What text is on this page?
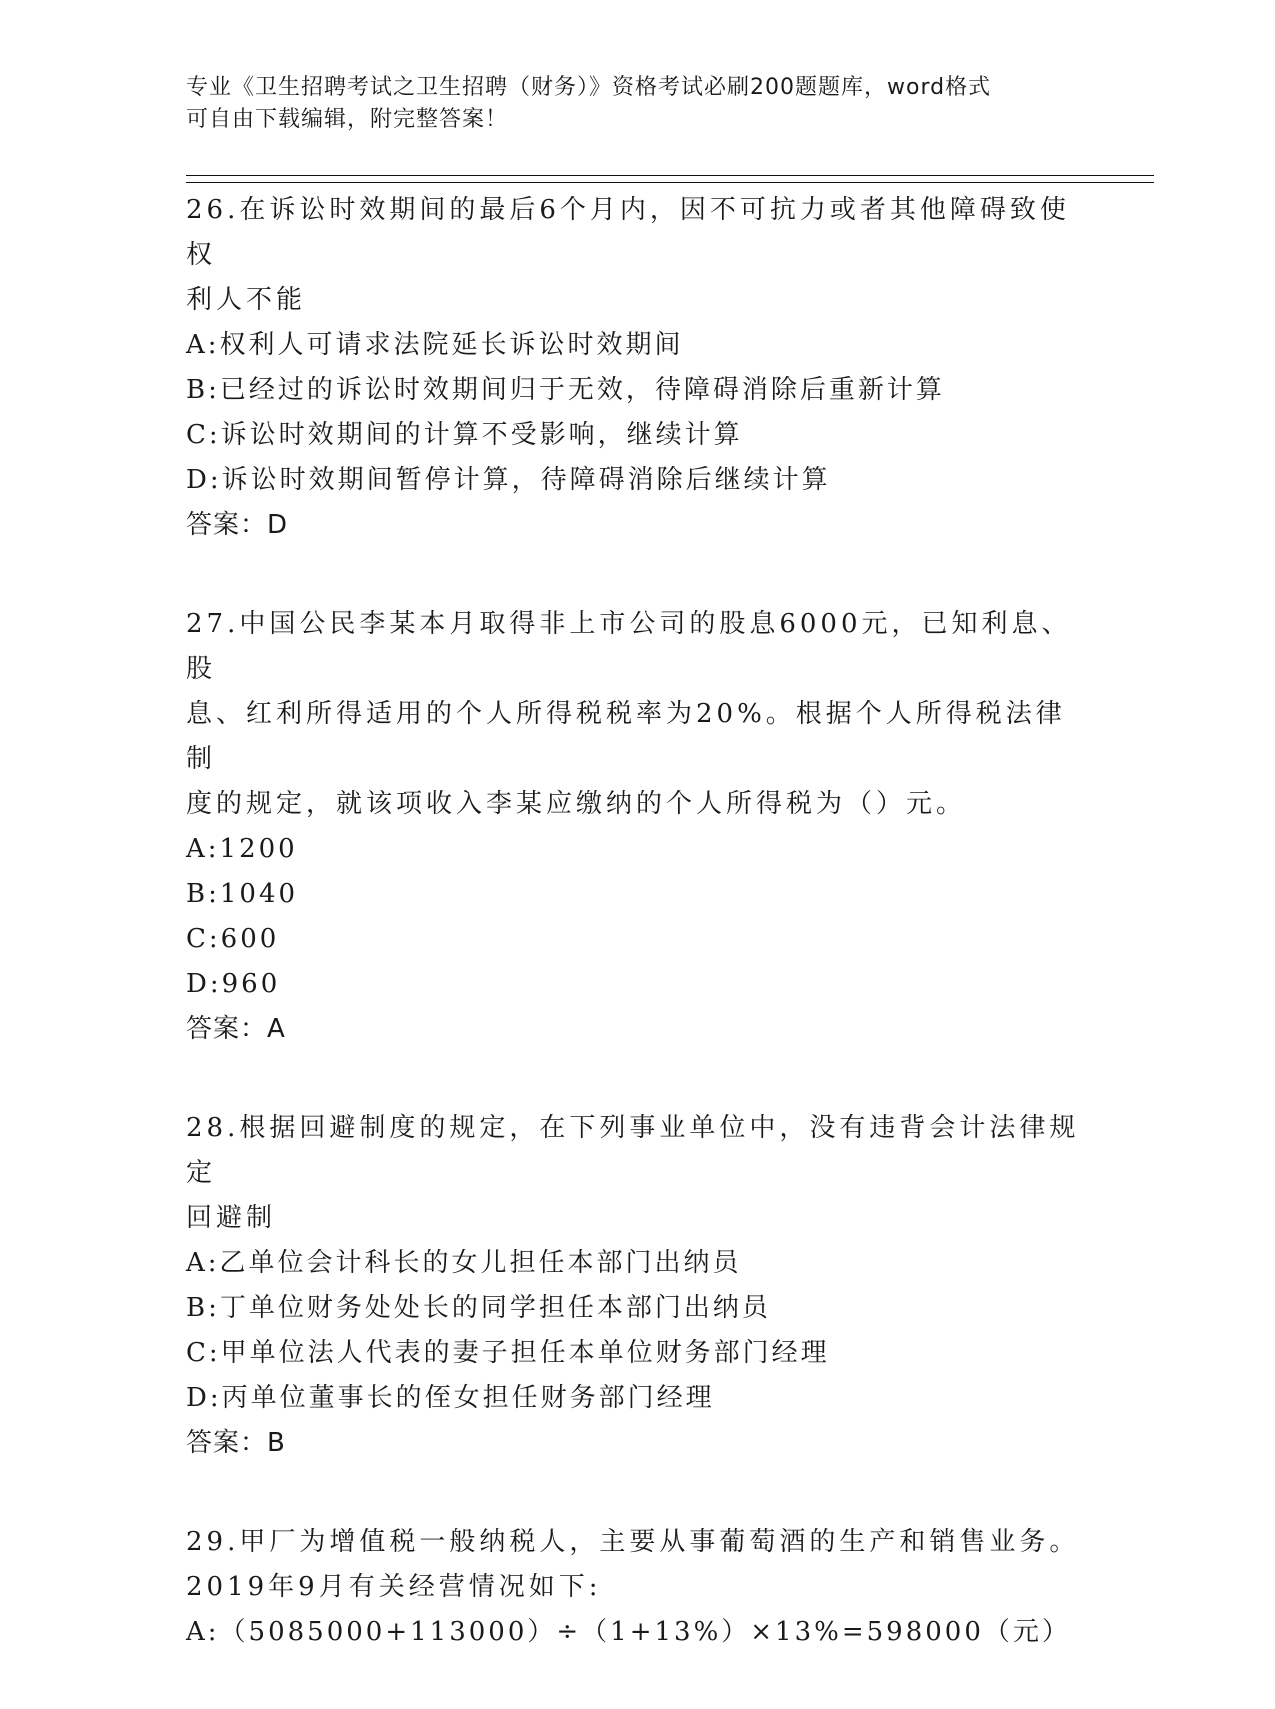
专业《卫生招聘考试之卫生招聘（财务）》资格考试必刷200题题库，word格式
可自由下载编辑，附完整答案！

26.在诉讼时效期间的最后6个月内，因不可抗力或者其他障碍致使权

利人不能

A:权利人可请求法院延长诉讼时效期间

B:已经过的诉讼时效期间归于无效，待障碍消除后重新计算

C:诉讼时效期间的计算不受影响，继续计算

D:诉讼时效期间暂停计算，待障碍消除后继续计算

答案：D

27.中国公民李某本月取得非上市公司的股息6000元，已知利息、股

息、红利所得适用的个人所得税税率为20%。根据个人所得税法律制

度的规定，就该项收入李某应缴纳的个人所得税为（）元。

A:1200

B:1040

C:600

D:960

答案：A

28.根据回避制度的规定，在下列事业单位中，没有违背会计法律规定

回避制

A:乙单位会计科长的女儿担任本部门出纳员

B:丁单位财务处处长的同学担任本部门出纳员

C:甲单位法人代表的妻子担任本单位财务部门经理

D:丙单位董事长的侄女担任财务部门经理

答案：B

29.甲厂为增值税一般纳税人，主要从事葡萄酒的生产和销售业务。

2019年9月有关经营情况如下:

A:（5085000+113000）÷（1+13%）×13%=598000（元）
